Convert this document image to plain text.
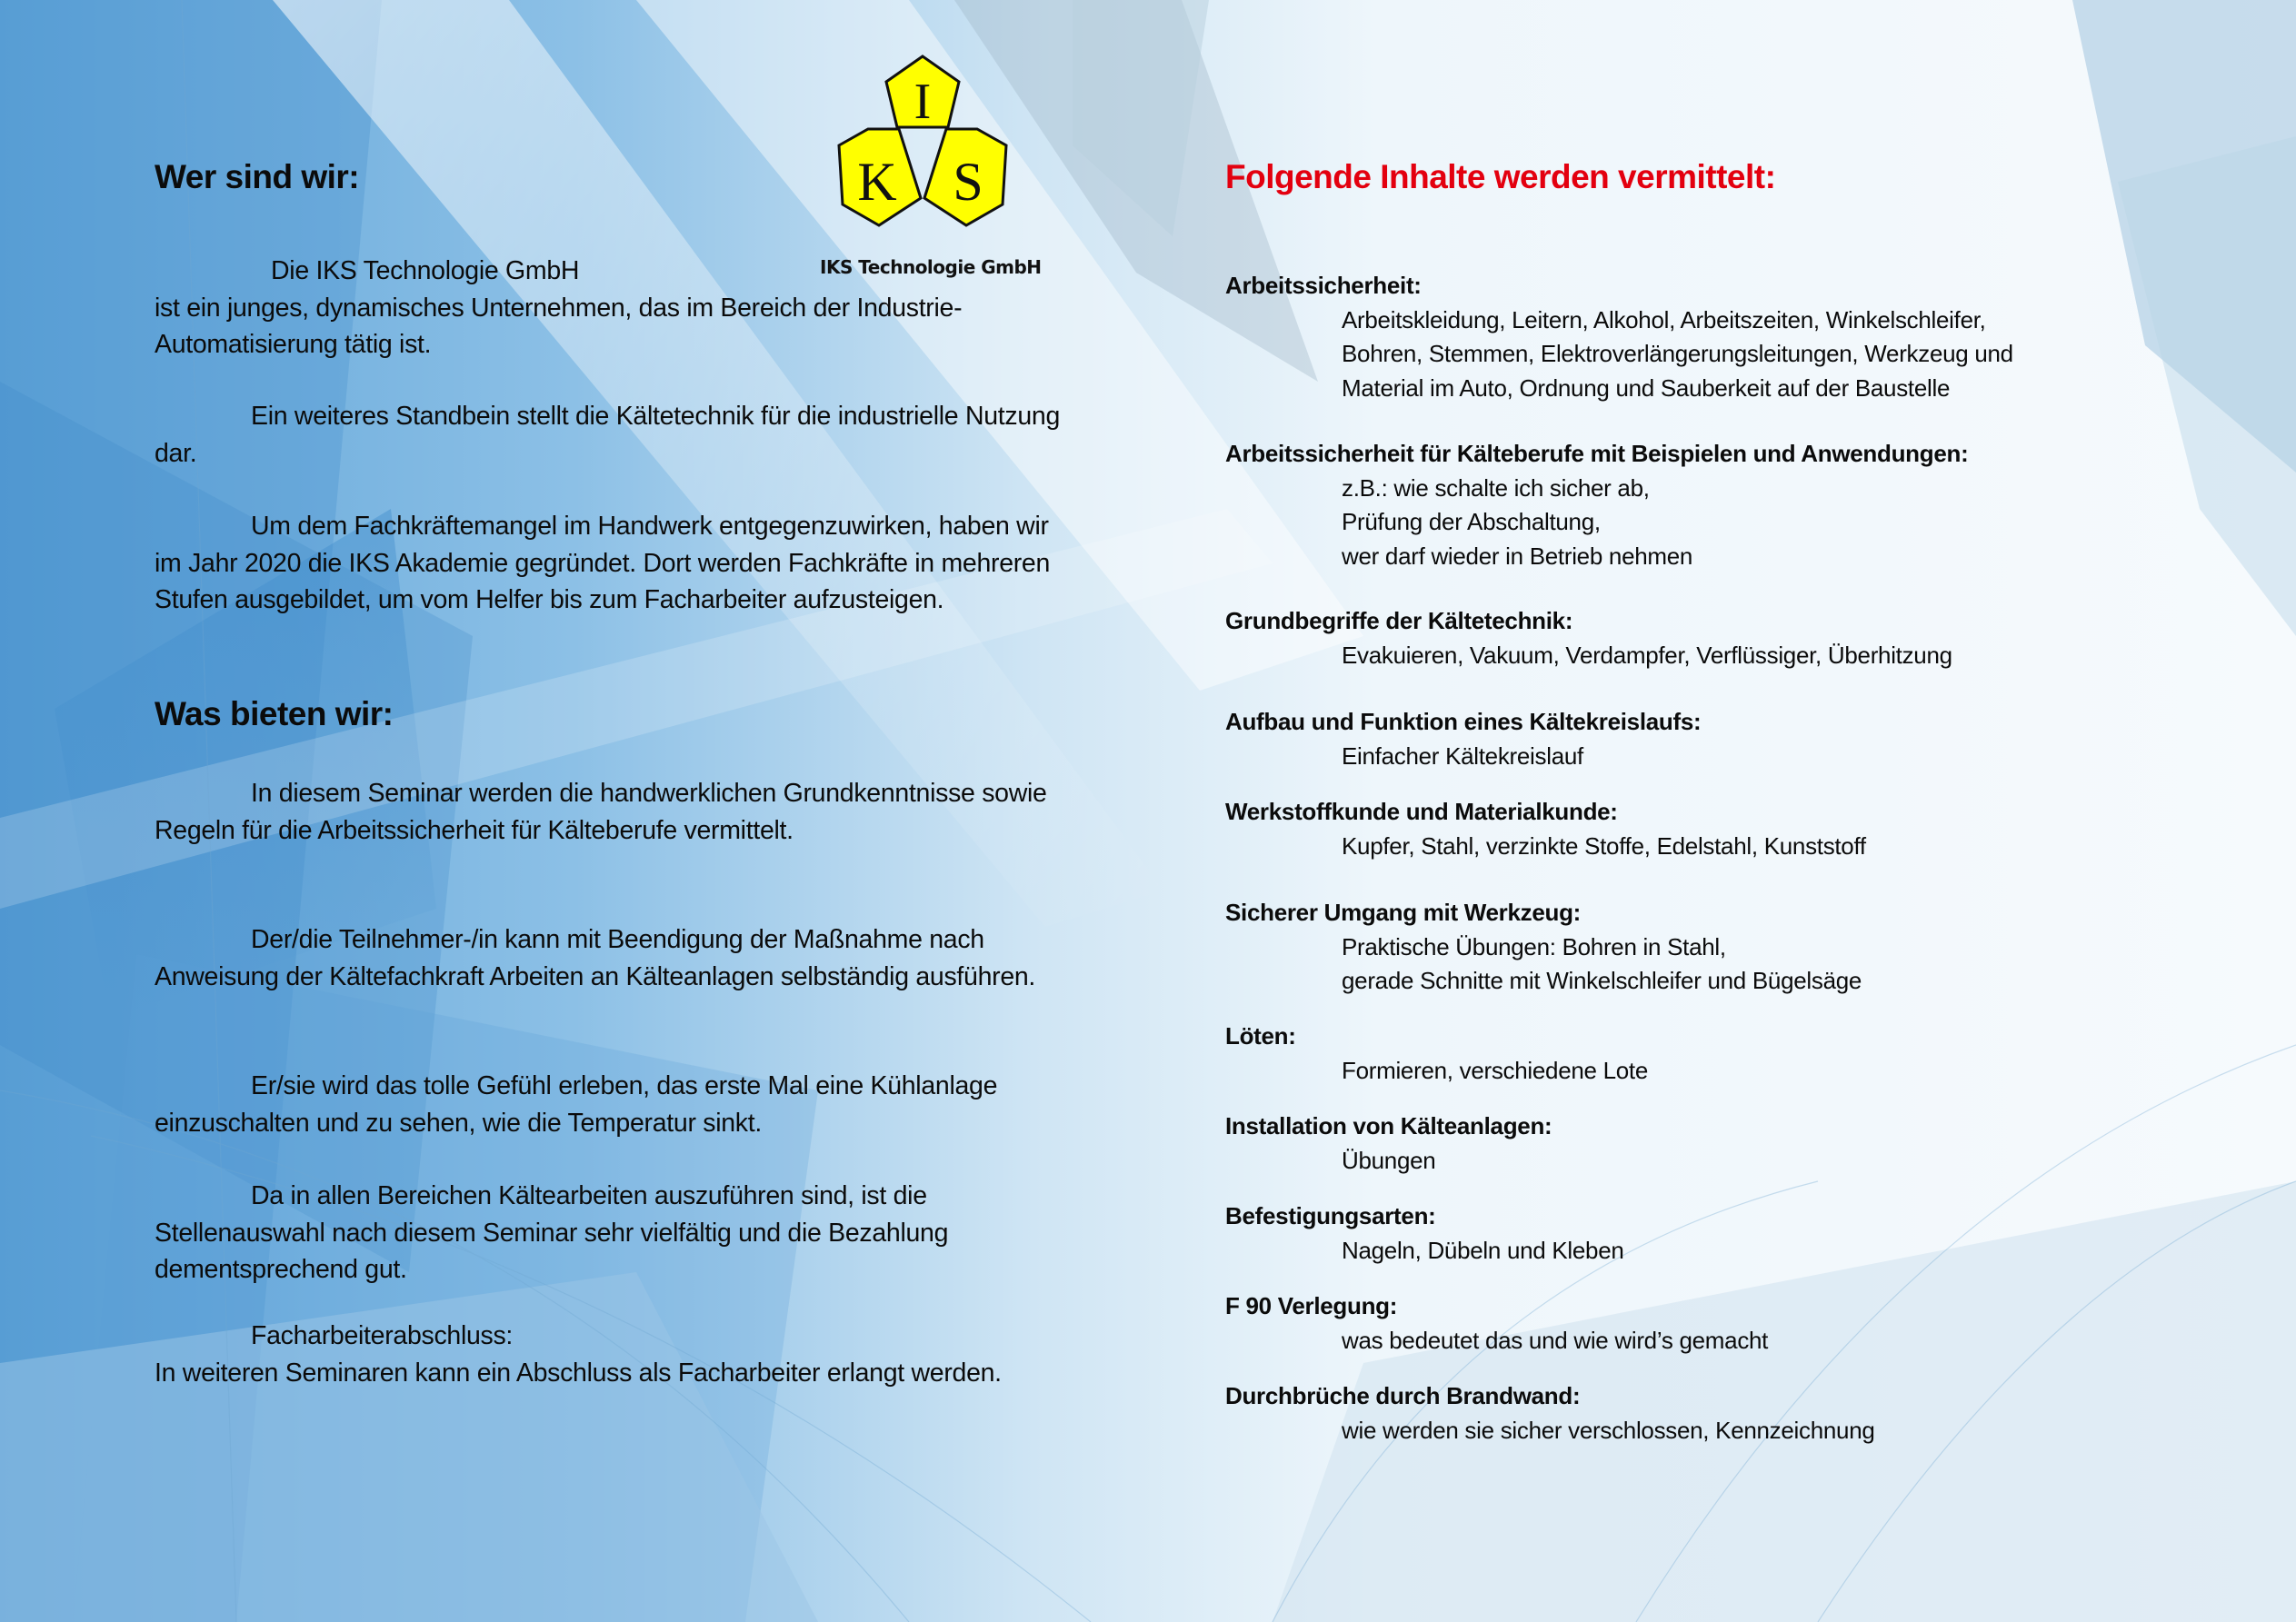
Wer sind wir:
I
K S
IKS Technologie GmbH

Die IKS Technologie GmbH
ist ein junges, dynamisches Unternehmen, das im Bereich der Industrie-Automatisierung tätig ist.

Ein weiteres Standbein stellt die Kältetechnik für die industrielle Nutzung dar.

Um dem Fachkräftemangel im Handwerk entgegenzuwirken, haben wir im Jahr 2020 die IKS Akademie gegründet. Dort werden Fachkräfte in mehreren Stufen ausgebildet, um vom Helfer bis zum Facharbeiter aufzusteigen.

Was bieten wir:

In diesem Seminar werden die handwerklichen Grundkenntnisse sowie Regeln für die Arbeitssicherheit für Kälteberufe vermittelt.

Der/die Teilnehmer-/in kann mit Beendigung der Maßnahme nach Anweisung der Kältefachkraft Arbeiten an Kälteanlagen selbständig ausführen.

Er/sie wird das tolle Gefühl erleben, das erste Mal eine Kühlanlage einzuschalten und zu sehen, wie die Temperatur sinkt.

Da in allen Bereichen Kältearbeiten auszuführen sind, ist die Stellenauswahl nach diesem Seminar sehr vielfältig und die Bezahlung dementsprechend gut.

Facharbeiterabschluss:
In weiteren Seminaren kann ein Abschluss als Facharbeiter erlangt werden.

Folgende Inhalte werden vermittelt:
Arbeitssicherheit:
Arbeitskleidung, Leitern, Alkohol, Arbeitszeiten, Winkelschleifer,
Bohren, Stemmen, Elektroverlängerungsleitungen, Werkzeug und
Material im Auto, Ordnung und Sauberkeit auf der Baustelle
Arbeitssicherheit für Kälteberufe mit Beispielen und Anwendungen:
z.B.: wie schalte ich sicher ab,
Prüfung der Abschaltung,
wer darf wieder in Betrieb nehmen
Grundbegriffe der Kältetechnik:
Evakuieren, Vakuum, Verdampfer, Verflüssiger, Überhitzung
Aufbau und Funktion eines Kältekreislaufs:
Einfacher Kältekreislauf
Werkstoffkunde und Materialkunde:
Kupfer, Stahl, verzinkte Stoffe, Edelstahl, Kunststoff
Sicherer Umgang mit Werkzeug:
Praktische Übungen: Bohren in Stahl,
gerade Schnitte mit Winkelschleifer und Bügelsäge
Löten:
Formieren, verschiedene Lote
Installation von Kälteanlagen:
Übungen
Befestigungsarten:
Nageln, Dübeln und Kleben
F 90 Verlegung:
was bedeutet das und wie wird’s gemacht
Durchbrüche durch Brandwand:
wie werden sie sicher verschlossen, Kennzeichnung
